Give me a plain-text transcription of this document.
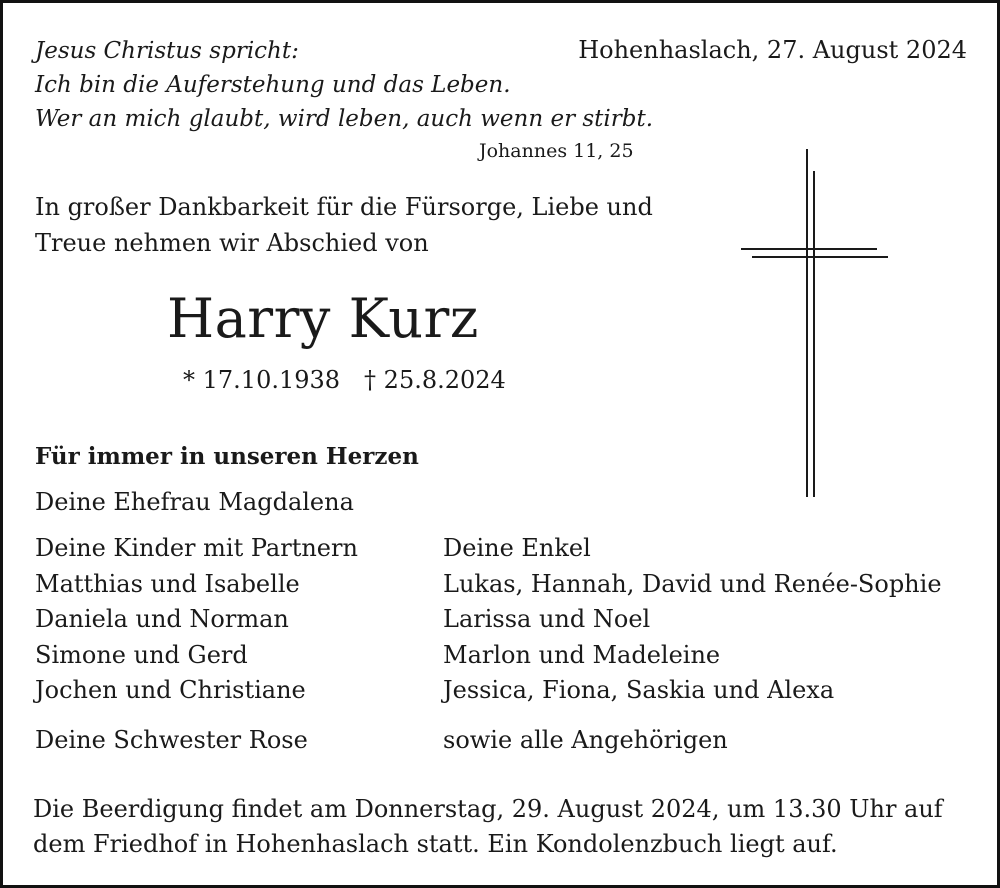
Jesus Christus spricht:
Ich bin die Auferstehung und das Leben.
Wer an mich glaubt, wird leben, auch wenn er stirbt.
Johannes 11, 25
Hohenhaslach, 27. August 2024
In großer Dankbarkeit für die Fürsorge, Liebe und
Treue nehmen wir Abschied von
Harry Kurz
* 17.10.1938 † 25.8.2024
Für immer in unseren Herzen
Deine Ehefrau Magdalena
Deine Kinder mit Partnern
Matthias und Isabelle
Daniela und Norman
Simone und Gerd
Jochen und Christiane
Deine Enkel
Lukas, Hannah, David und Renée-Sophie
Larissa und Noel
Marlon und Madeleine
Jessica, Fiona, Saskia und Alexa
Deine Schwester Rose	sowie alle Angehörigen
Die Beerdigung findet am Donnerstag, 29. August 2024, um 13.30 Uhr auf
dem Friedhof in Hohenhaslach statt. Ein Kondolenzbuch liegt auf.
